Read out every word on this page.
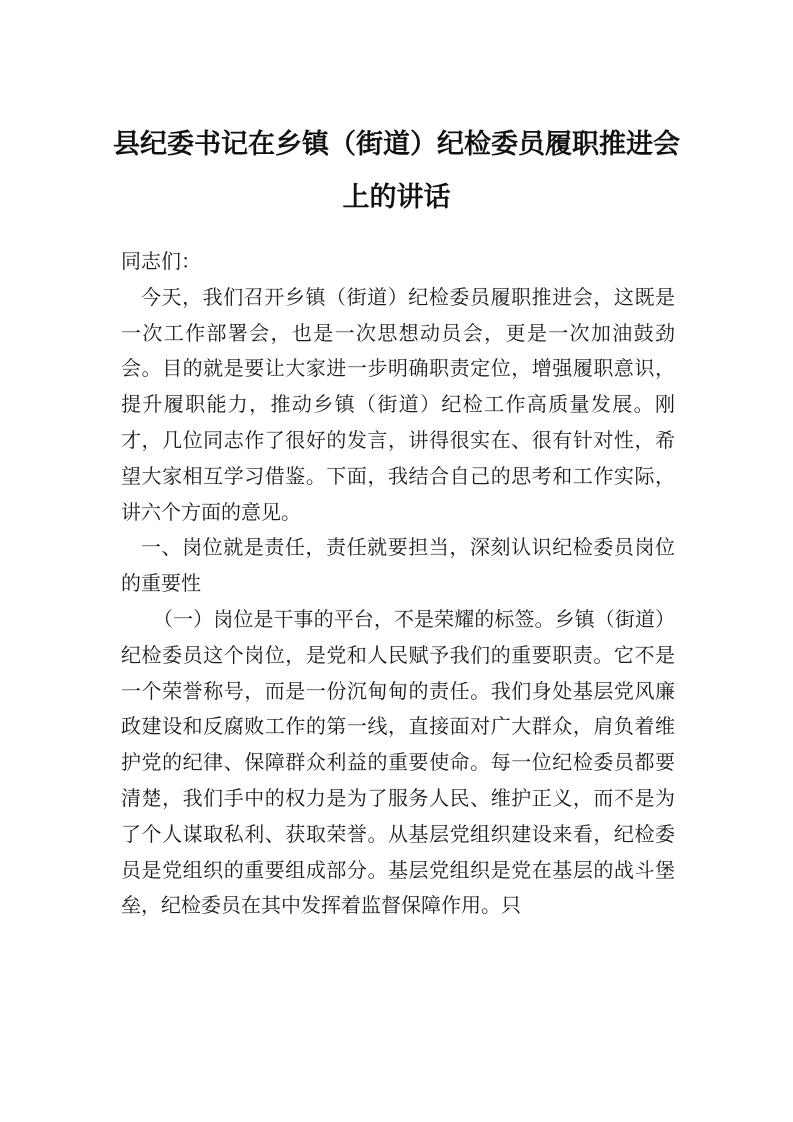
县纪委书记在乡镇（街道）纪检委员履职推进会上的讲话

同志们：

今天，我们召开乡镇（街道）纪检委员履职推进会，这既是一次工作部署会，也是一次思想动员会，更是一次加油鼓劲会。目的就是要让大家进一步明确职责定位，增强履职意识，提升履职能力，推动乡镇（街道）纪检工作高质量发展。刚才，几位同志作了很好的发言，讲得很实在、很有针对性，希望大家相互学习借鉴。下面，我结合自己的思考和工作实际，讲六个方面的意见。

一、岗位就是责任，责任就要担当，深刻认识纪检委员岗位的重要性

（一）岗位是干事的平台，不是荣耀的标签。乡镇（街道）纪检委员这个岗位，是党和人民赋予我们的重要职责。它不是一个荣誉称号，而是一份沉甸甸的责任。我们身处基层党风廉政建设和反腐败工作的第一线，直接面对广大群众，肩负着维护党的纪律、保障群众利益的重要使命。每一位纪检委员都要清楚，我们手中的权力是为了服务人民、维护正义，而不是为了个人谋取私利、获取荣誉。从基层党组织建设来看，纪检委员是党组织的重要组成部分。基层党组织是党在基层的战斗堡垒，纪检委员在其中发挥着监督保障作用。只
